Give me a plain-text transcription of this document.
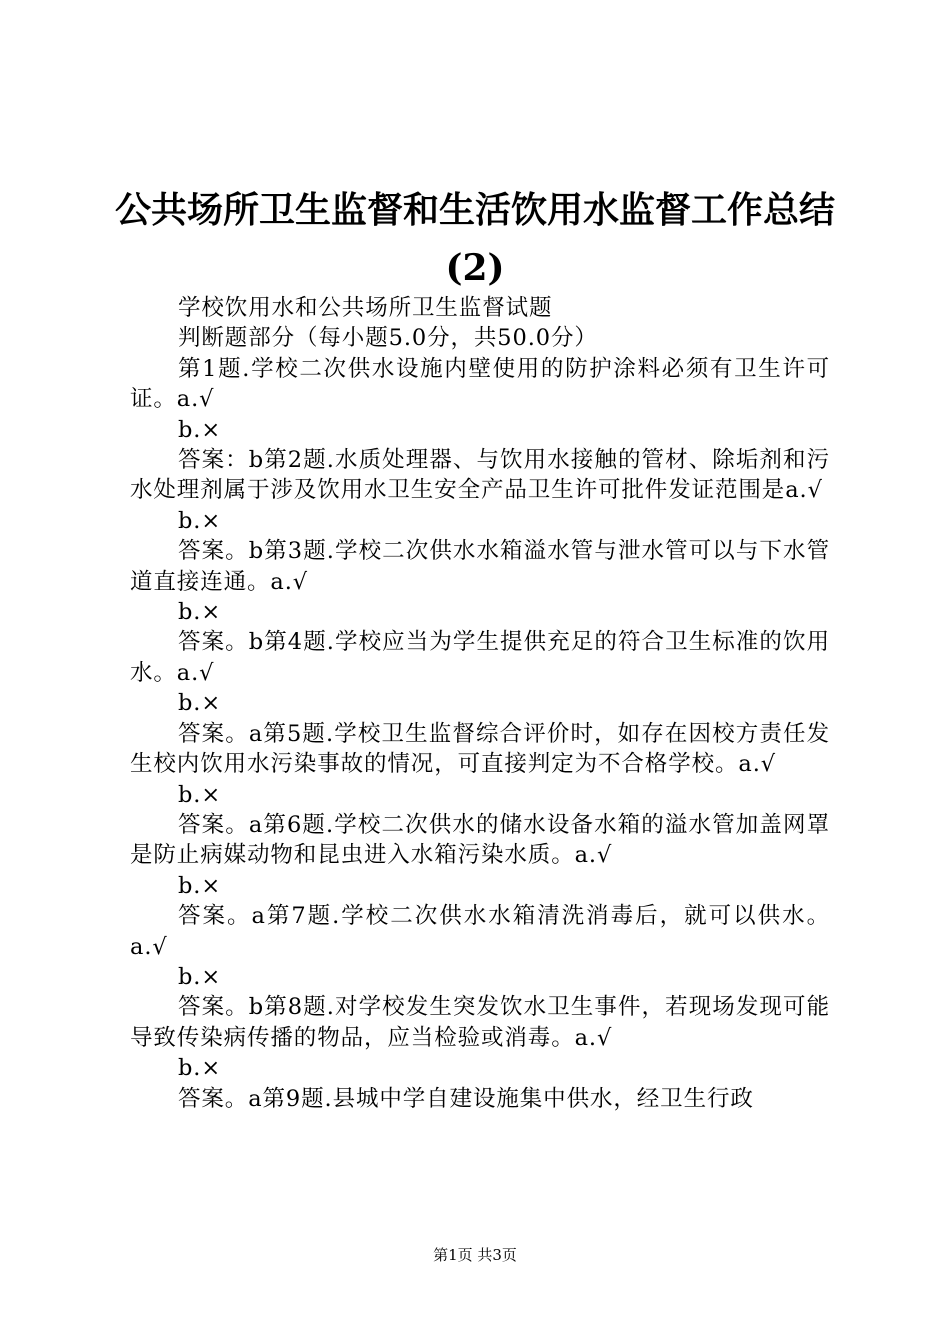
公共场所卫生监督和生活饮用水监督工作总结
(2)

学校饮用水和公共场所卫生监督试题

判断题部分（每小题5.0分，共50.0分）

第1题.学校二次供水设施内壁使用的防护涂料必须有卫生许可证。a.√

b.×

答案：b第2题.水质处理器、与饮用水接触的管材、除垢剂和污水处理剂属于涉及饮用水卫生安全产品卫生许可批件发证范围是a.√

b.×

答案。b第3题.学校二次供水水箱溢水管与泄水管可以与下水管道直接连通。a.√

b.×

答案。b第4题.学校应当为学生提供充足的符合卫生标准的饮用水。a.√

b.×

答案。a第5题.学校卫生监督综合评价时，如存在因校方责任发生校内饮用水污染事故的情况，可直接判定为不合格学校。a.√

b.×

答案。a第6题.学校二次供水的储水设备水箱的溢水管加盖网罩是防止病媒动物和昆虫进入水箱污染水质。a.√

b.×

答案。a第7题.学校二次供水水箱清洗消毒后，就可以供水。a.√

b.×

答案。b第8题.对学校发生突发饮水卫生事件，若现场发现可能导致传染病传播的物品，应当检验或消毒。a.√

b.×

答案。a第9题.县城中学自建设施集中供水，经卫生行政

第1页 共3页
